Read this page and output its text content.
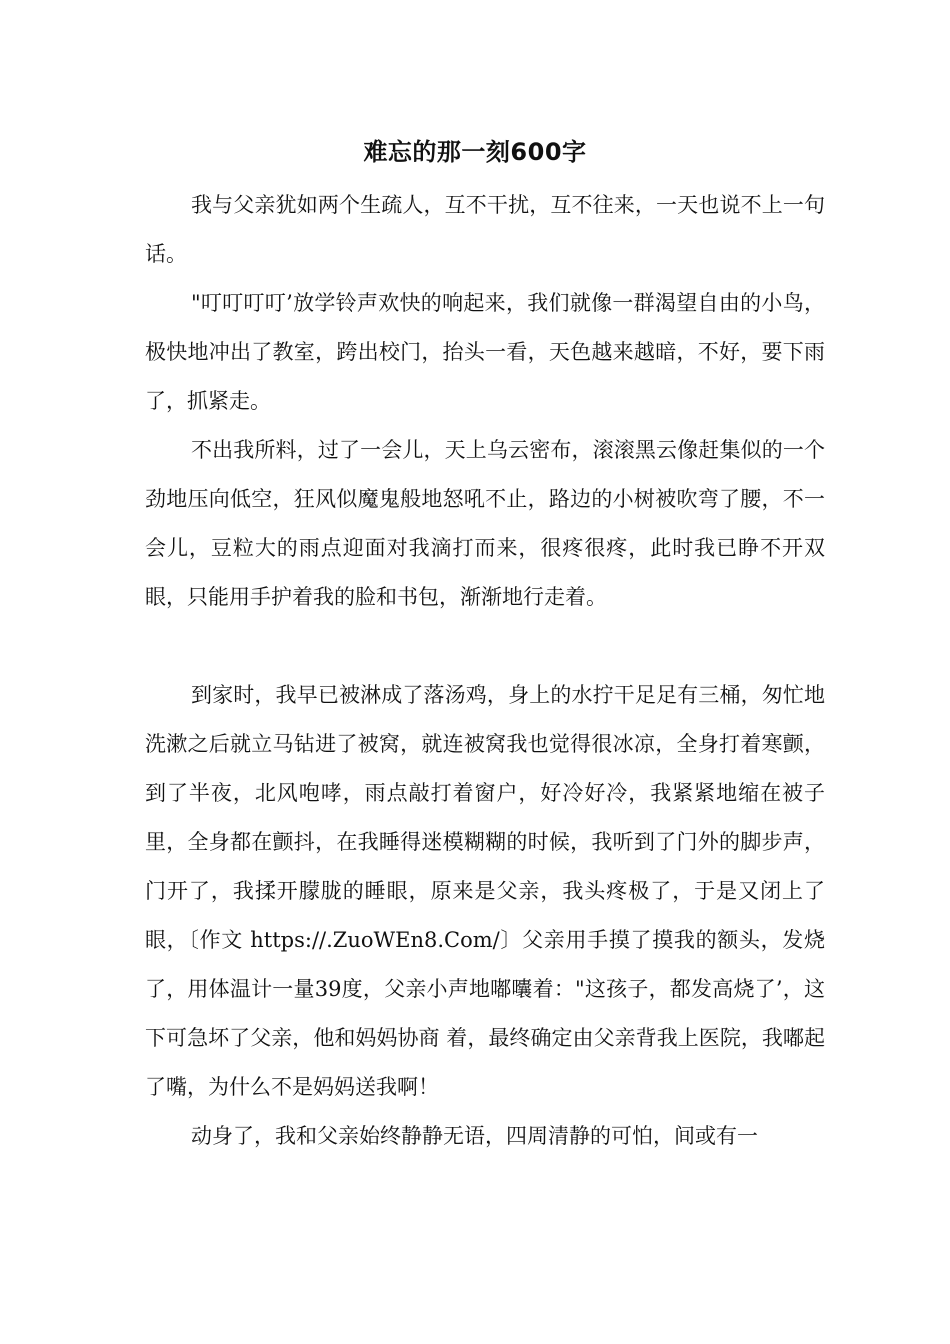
难忘的那一刻600字

我与父亲犹如两个生疏人，互不干扰，互不往来，一天也说不上一句话。

"叮叮叮叮’放学铃声欢快的响起来，我们就像一群渴望自由的小鸟，极快地冲出了教室，跨出校门，抬头一看，天色越来越暗，不好，要下雨了，抓紧走。

不出我所料，过了一会儿，天上乌云密布，滚滚黑云像赶集似的一个劲地压向低空，狂风似魔鬼般地怒吼不止，路边的小树被吹弯了腰，不一会儿，豆粒大的雨点迎面对我滴打而来，很疼很疼，此时我已睁不开双眼，只能用手护着我的脸和书包，渐渐地行走着。

到家时，我早已被淋成了落汤鸡，身上的水拧干足足有三桶，匆忙地洗漱之后就立马钻进了被窝，就连被窝我也觉得很冰凉，全身打着寒颤，到了半夜，北风咆哮，雨点敲打着窗户，好冷好冷，我紧紧地缩在被子里，全身都在颤抖，在我睡得迷模糊糊的时候，我听到了门外的脚步声，门开了，我揉开朦胧的睡眼，原来是父亲，我头疼极了，于是又闭上了眼，〔作文 https://.ZuoWEn8.Com/〕父亲用手摸了摸我的额头，发烧了，用体温计一量39度，父亲小声地嘟囔着："这孩子，都发高烧了’，这下可急坏了父亲，他和妈妈协商 着，最终确定由父亲背我上医院，我嘟起了嘴，为什么不是妈妈送我啊！

动身了，我和父亲始终静静无语，四周清静的可怕，间或有一
